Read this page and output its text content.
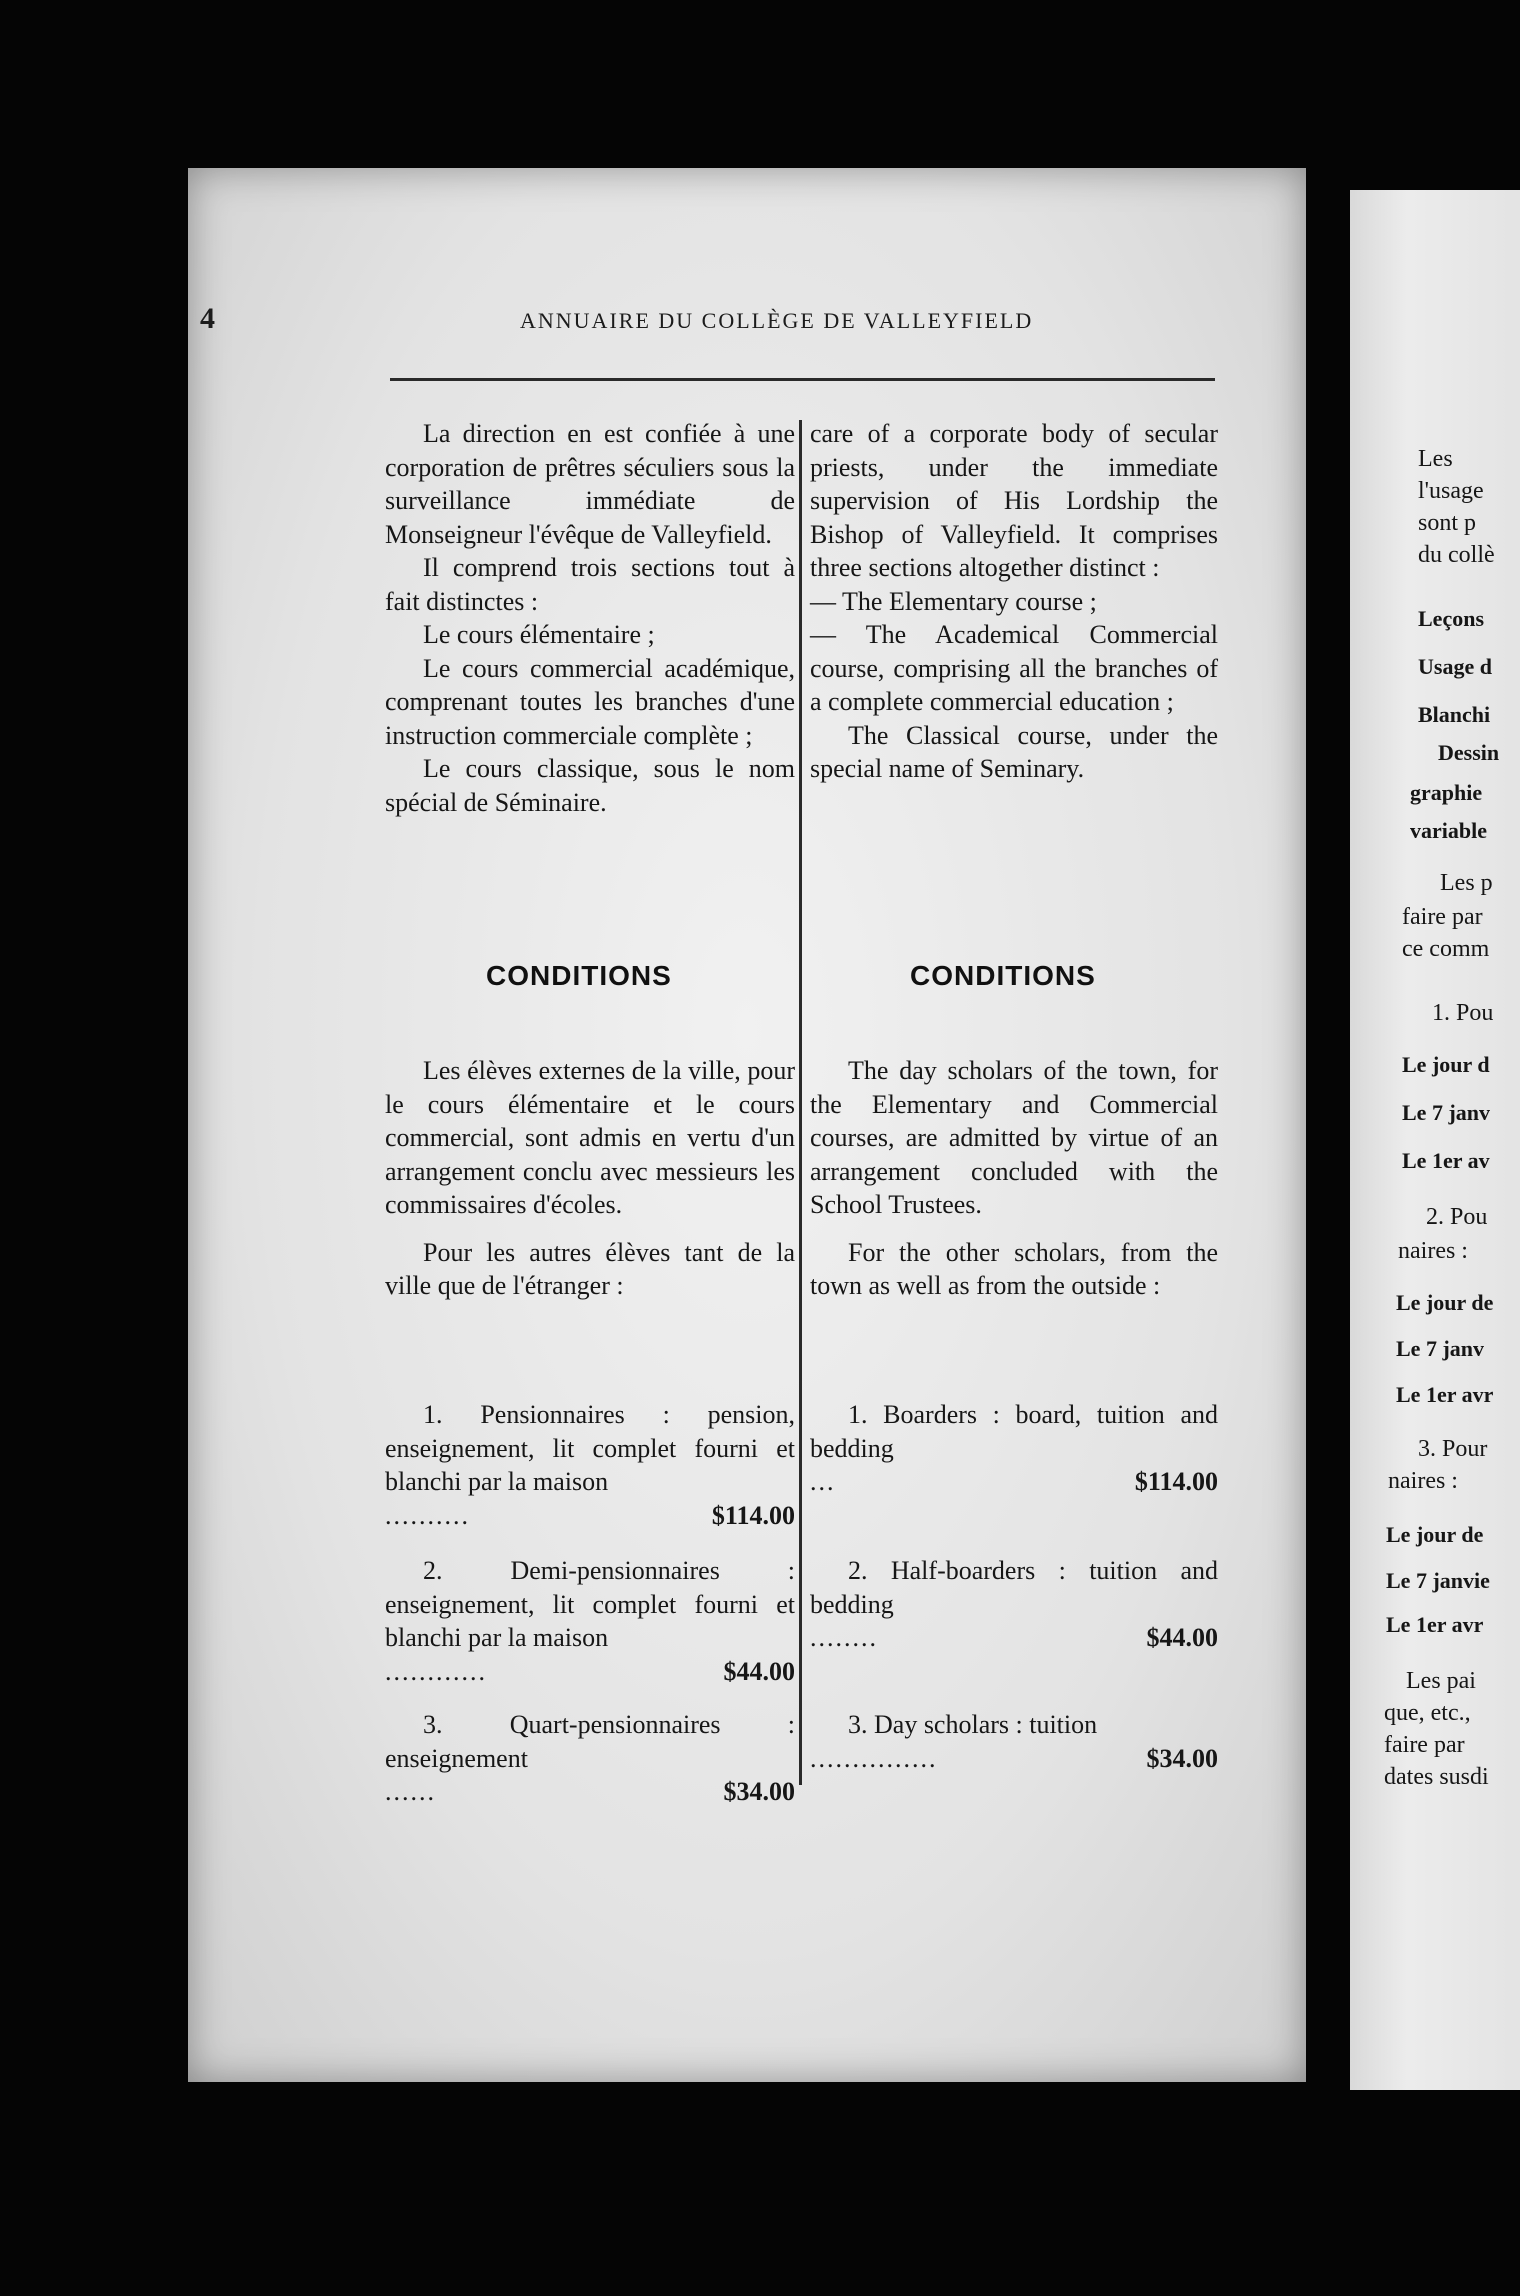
4	ANNUAIRE DU COLLÈGE DE VALLEYFIELD

La direction en est confiée à une corporation de prêtres séculiers sous la surveillance immédiate de Monseigneur l'évêque de Valleyfield.

Il comprend trois sections tout à fait distinctes :

Le cours élémentaire ;

Le cours commercial académique, comprenant toutes les branches d'une instruction commerciale complète ;

Le cours classique, sous le nom spécial de Séminaire.

CONDITIONS

Les élèves externes de la ville, pour le cours élémentaire et le cours commercial, sont admis en vertu d'un arrangement conclu avec messieurs les commissaires d'écoles.

Pour les autres élèves tant de la ville que de l'étranger :

1. Pensionnaires : pension, enseignement, lit complet fourni et blanchi par la maison

..........	$114.00

2. Demi-pensionnaires : enseignement, lit complet fourni et blanchi par la maison

............	$44.00

3. Quart-pensionnaires : enseignement

......	$34.00

care of a corporate body of secular priests, under the immediate supervision of His Lordship the Bishop of Valleyfield. It comprises three sections altogether distinct :

— The Elementary course ;

— The Academical Commercial course, comprising all the branches of a complete commercial education ;

The Classical course, under the special name of Seminary.

CONDITIONS

The day scholars of the town, for the Elementary and Commercial courses, are admitted by virtue of an arrangement concluded with the School Trustees.

For the other scholars, from the town as well as from the outside :

1. Boarders : board, tuition and bedding

...	$114.00

2. Half-boarders : tuition and bedding

........	$44.00

3. Day scholars : tuition

...............	$34.00
Les
l'usage
sont p
du collè
Leçons
Usage d
Blanchi
Dessin
graphie
variable
Les p
faire par
ce comm
1. Pou
Le jour d
Le 7 janv
Le 1er av
2. Pou
naires :
Le jour de
Le 7 janv
Le 1er avr
3. Pour
naires :
Le jour de
Le 7 janvie
Le 1er avr
Les pai
que, etc.,
faire par
dates susdi
